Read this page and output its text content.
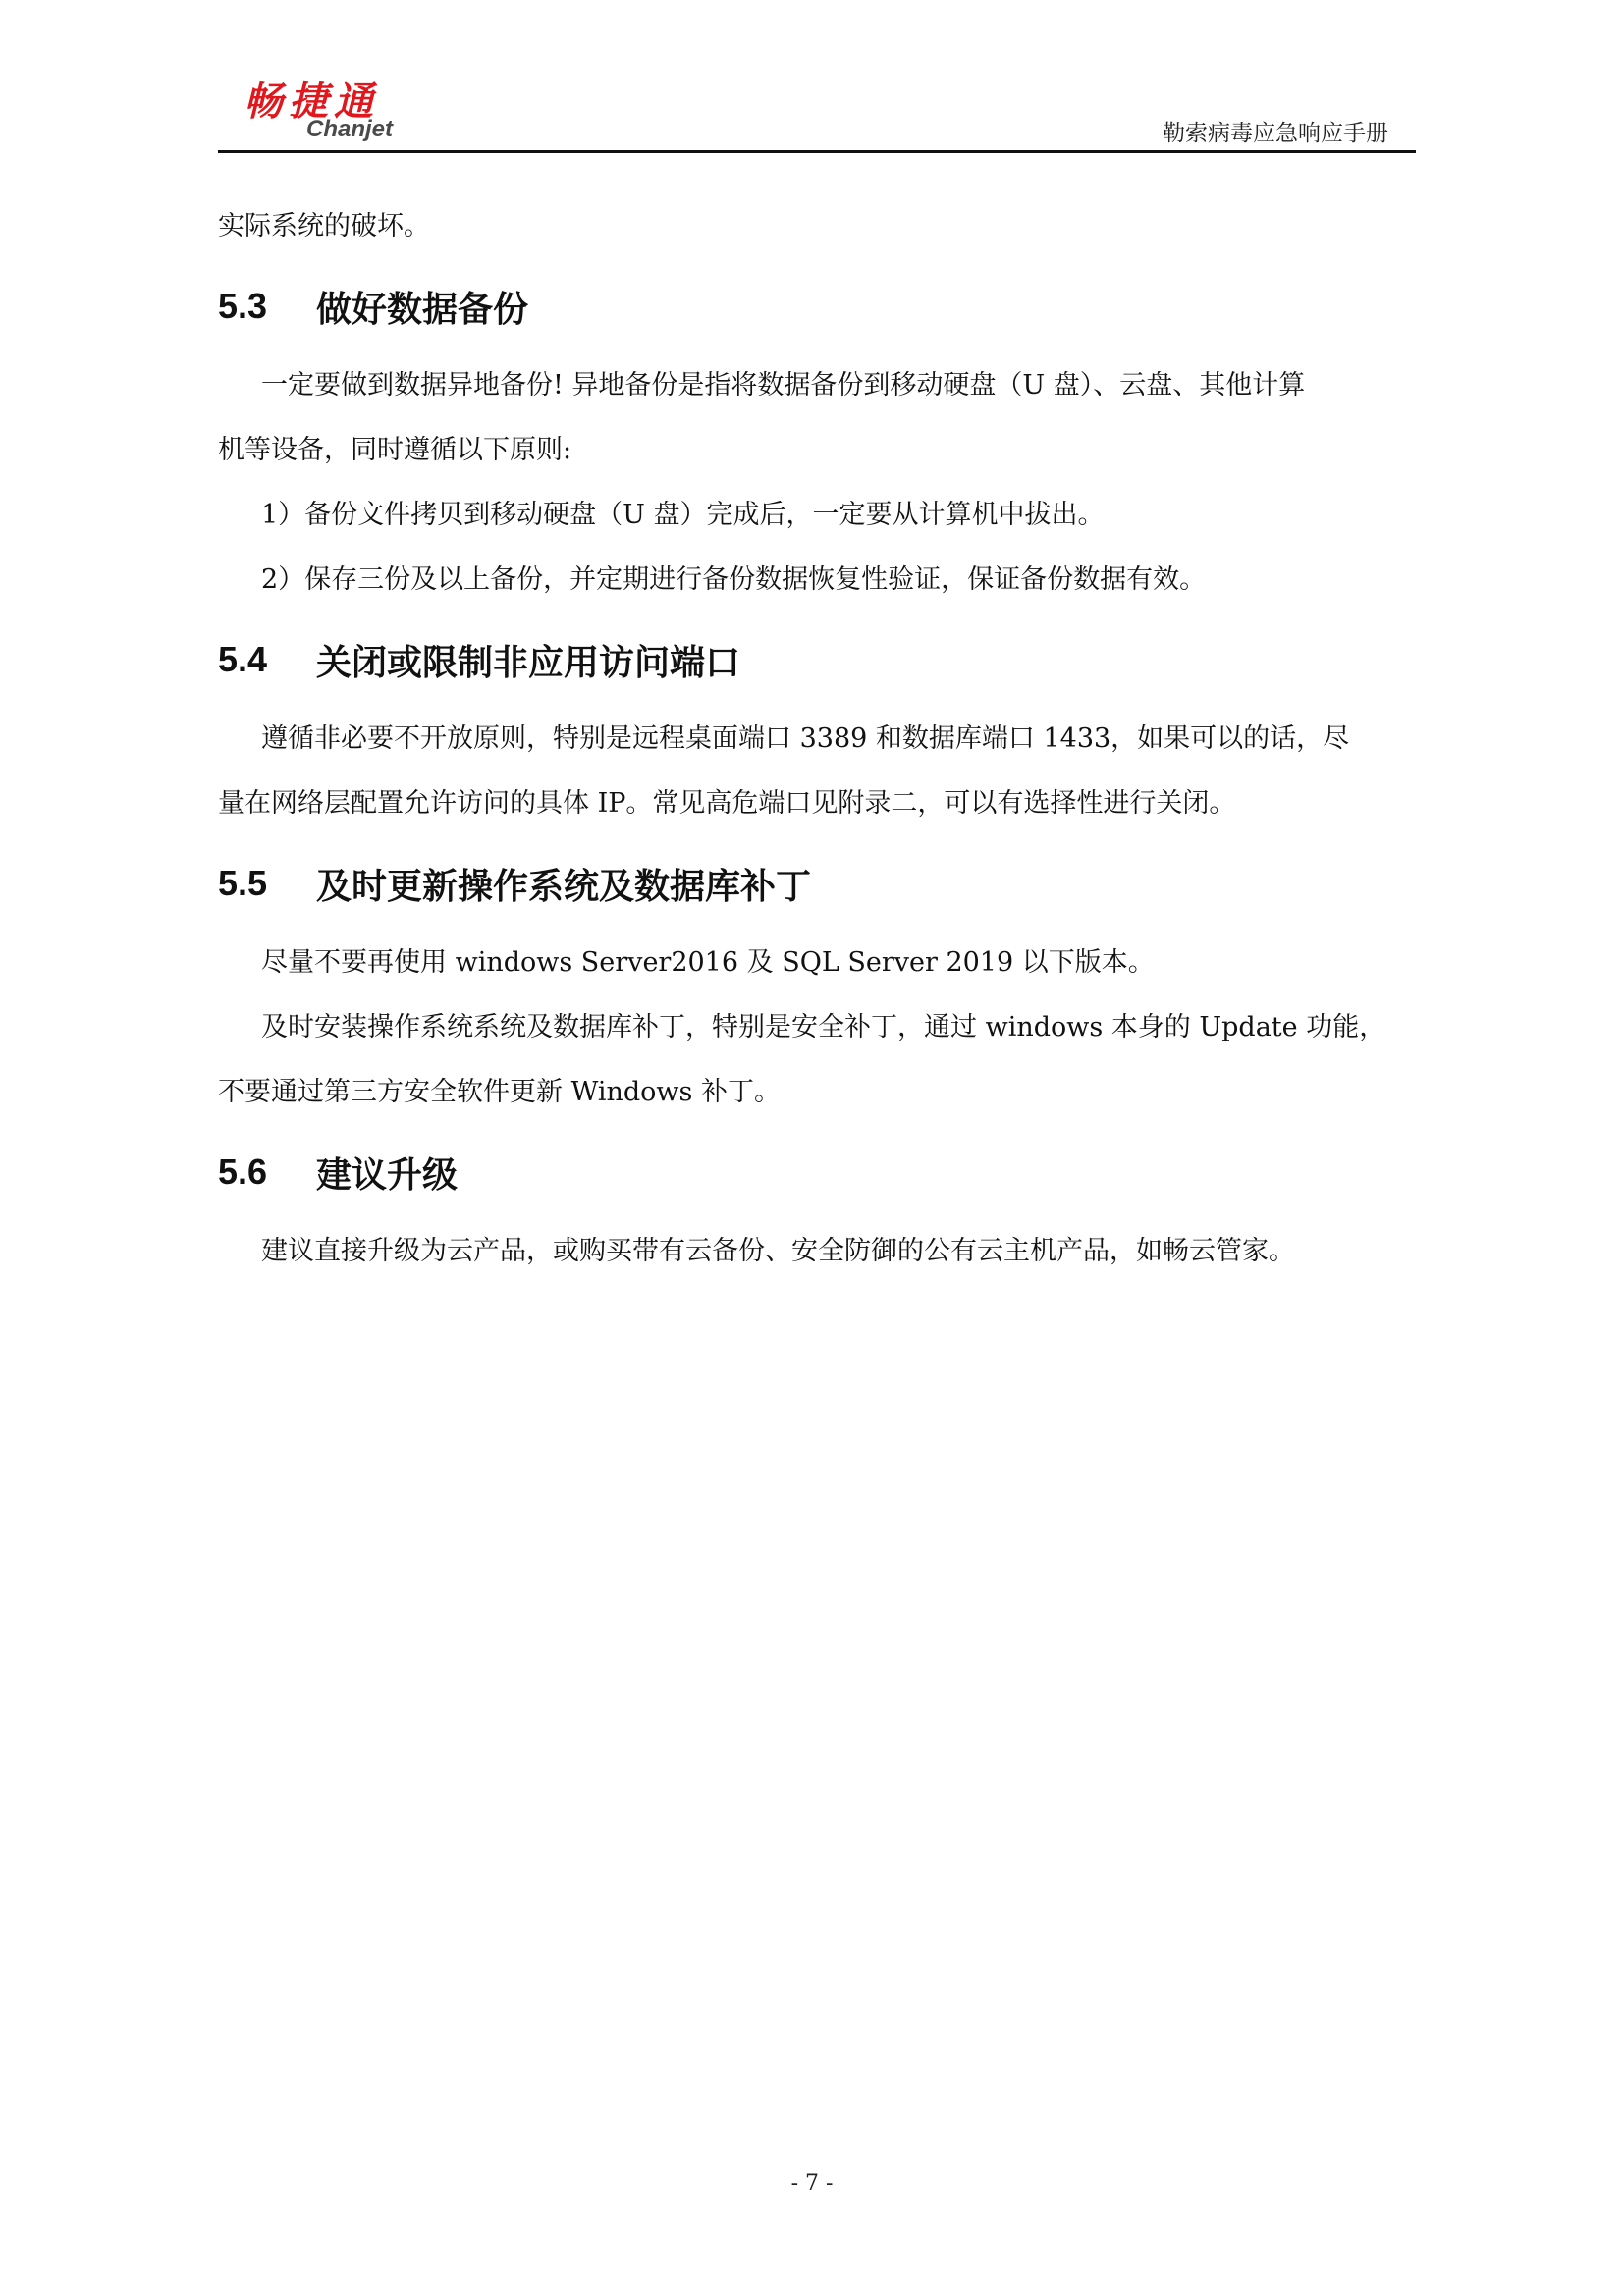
畅捷通
Chanjet	勒索病毒应急响应手册

实际系统的破坏。

5.3	做好数据备份

一定要做到数据异地备份! 异地备份是指将数据备份到移动硬盘（U 盘）、云盘、其他计算

机等设备，同时遵循以下原则:

1）备份文件拷贝到移动硬盘（U 盘）完成后，一定要从计算机中拔出。

2）保存三份及以上备份，并定期进行备份数据恢复性验证，保证备份数据有效。

5.4	关闭或限制非应用访问端口

遵循非必要不开放原则，特别是远程桌面端口 3389 和数据库端口 1433，如果可以的话，尽

量在网络层配置允许访问的具体 IP。常见高危端口见附录二，可以有选择性进行关闭。

5.5	及时更新操作系统及数据库补丁

尽量不要再使用 windows Server2016 及 SQL Server 2019 以下版本。

及时安装操作系统系统及数据库补丁，特别是安全补丁，通过 windows 本身的 Update 功能，

不要通过第三方安全软件更新 Windows 补丁。

5.6	建议升级

建议直接升级为云产品，或购买带有云备份、安全防御的公有云主机产品，如畅云管家。

- 7 -
